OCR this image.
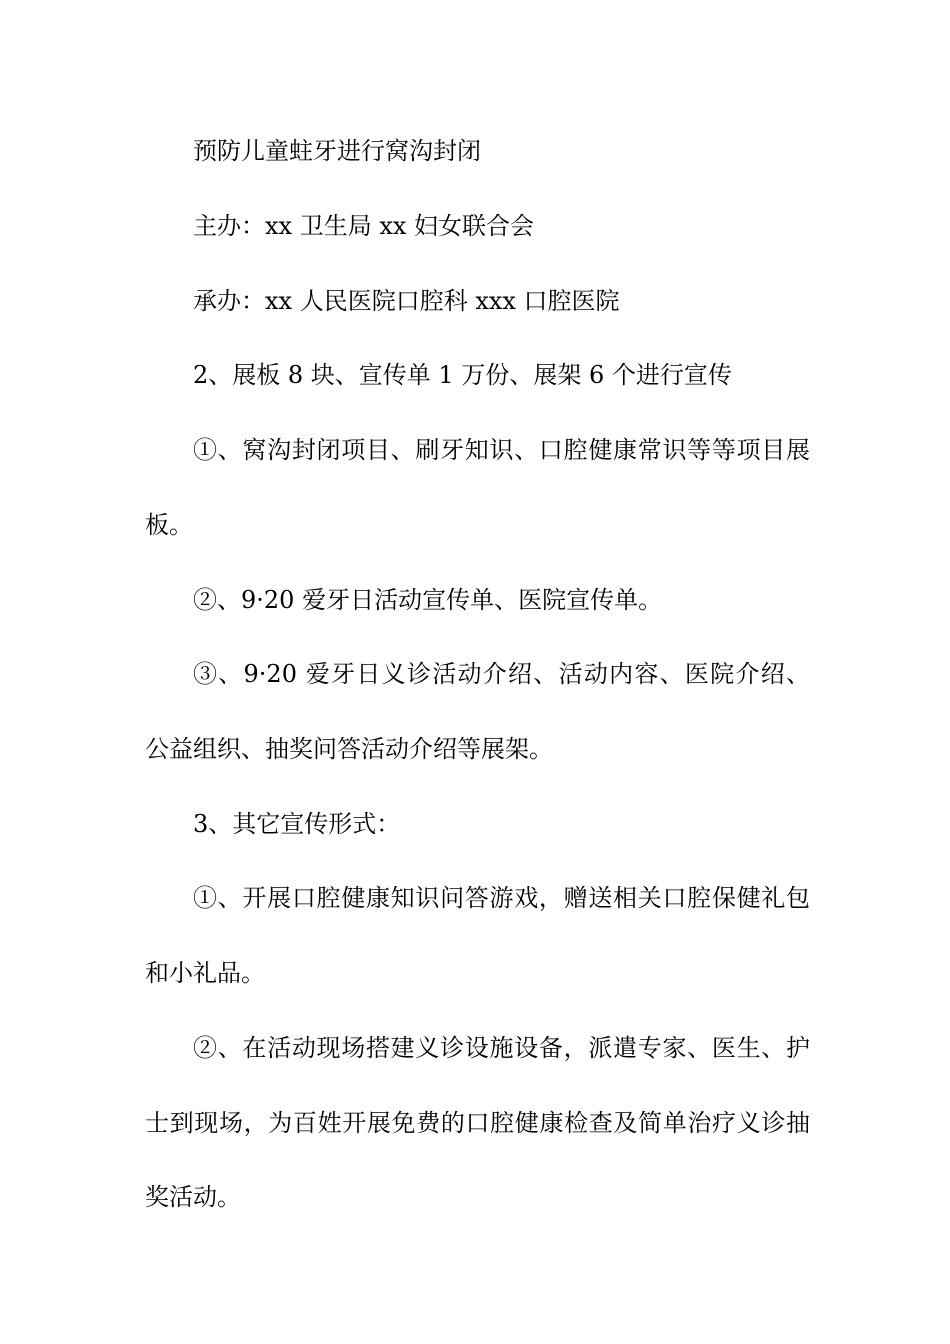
预防儿童蛀牙进行窝沟封闭
主办：xx 卫生局 xx 妇女联合会
承办：xx 人民医院口腔科 xxx 口腔医院
2、展板 8 块、宣传单 1 万份、展架 6 个进行宣传
①、窝沟封闭项目、刷牙知识、口腔健康常识等等项目展
板。
②、9·20 爱牙日活动宣传单、医院宣传单。
③、9·20 爱牙日义诊活动介绍、活动内容、医院介绍、
公益组织、抽奖问答活动介绍等展架。
3、其它宣传形式：
①、开展口腔健康知识问答游戏，赠送相关口腔保健礼包
和小礼品。
②、在活动现场搭建义诊设施设备，派遣专家、医生、护
士到现场，为百姓开展免费的口腔健康检查及简单治疗义诊抽
奖活动。
